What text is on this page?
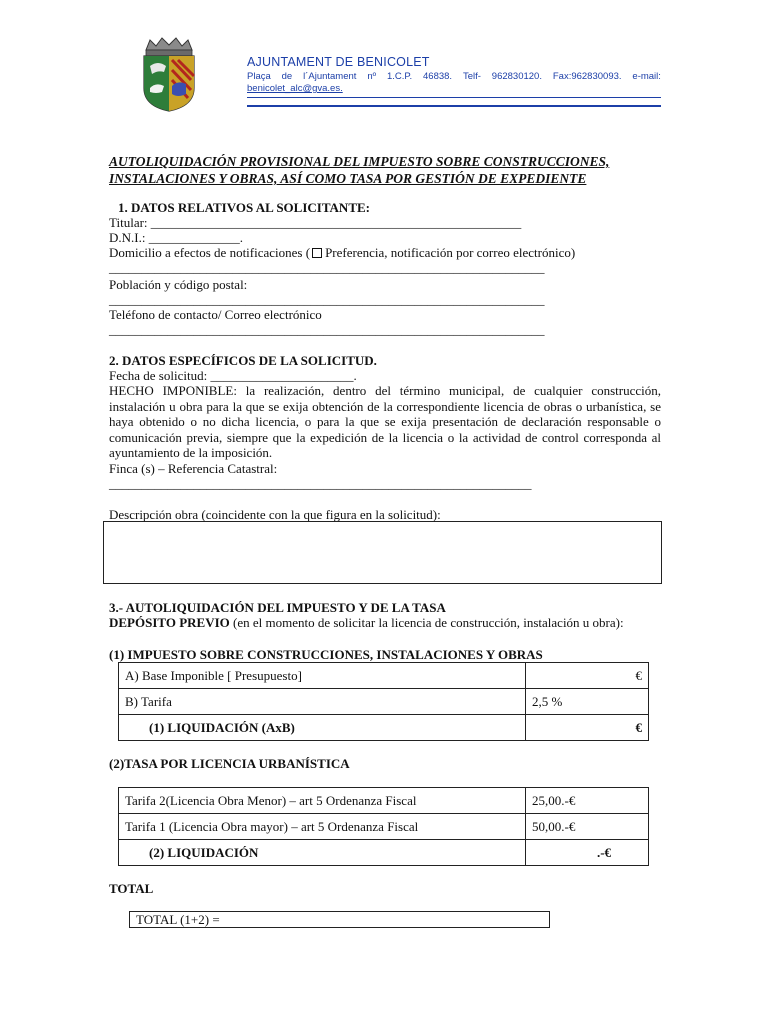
AJUNTAMENT DE BENICOLET
Plaça de l´Ajuntament nº 1.C.P. 46838. Telf- 962830120. Fax:962830093. e-mail:
benicolet_alc@gva.es.
AUTOLIQUIDACIÓN PROVISIONAL DEL IMPUESTO SOBRE CONSTRUCCIONES,
INSTALACIONES Y OBRAS, ASÍ COMO TASA POR GESTIÓN DE EXPEDIENTE
1. DATOS RELATIVOS AL SOLICITANTE:
Titular: _________________________________________________________
D.N.I.: ______________.
Domicilio a efectos de notificaciones ( Preferencia, notificación por correo electrónico)
___________________________________________________________________
Población y código postal:
___________________________________________________________________
Teléfono de contacto/ Correo electrónico
___________________________________________________________________
2. DATOS ESPECÍFICOS DE LA SOLICITUD.
Fecha de solicitud: ______________________.
HECHO IMPONIBLE: la realización, dentro del término municipal, de cualquier construcción, instalación u obra para la que se exija obtención de la correspondiente licencia de obras o urbanística, se haya obtenido o no dicha licencia, o para la que se exija presentación de declaración responsable o comunicación previa, siempre que la expedición de la licencia o la actividad de control corresponda al ayuntamiento de la imposición.
Finca (s) – Referencia Catastral:
_________________________________________________________________
Descripción obra (coincidente con la que figura en la solicitud):
3.- AUTOLIQUIDACIÓN DEL IMPUESTO Y DE LA TASA
DEPÓSITO PREVIO (en el momento de solicitar la licencia de construcción, instalación u obra):
(1) IMPUESTO SOBRE CONSTRUCCIONES, INSTALACIONES Y OBRAS
A) Base Imponible [ Presupuesto]	€
B) Tarifa	2,5 %
(1) LIQUIDACIÓN (AxB)	€
(2)TASA POR LICENCIA URBANÍSTICA
Tarifa 2(Licencia Obra Menor) – art 5 Ordenanza Fiscal	25,00.-€
Tarifa 1 (Licencia Obra mayor) – art 5 Ordenanza Fiscal	50,00.-€
(2) LIQUIDACIÓN	.-€
TOTAL
TOTAL (1+2) =
